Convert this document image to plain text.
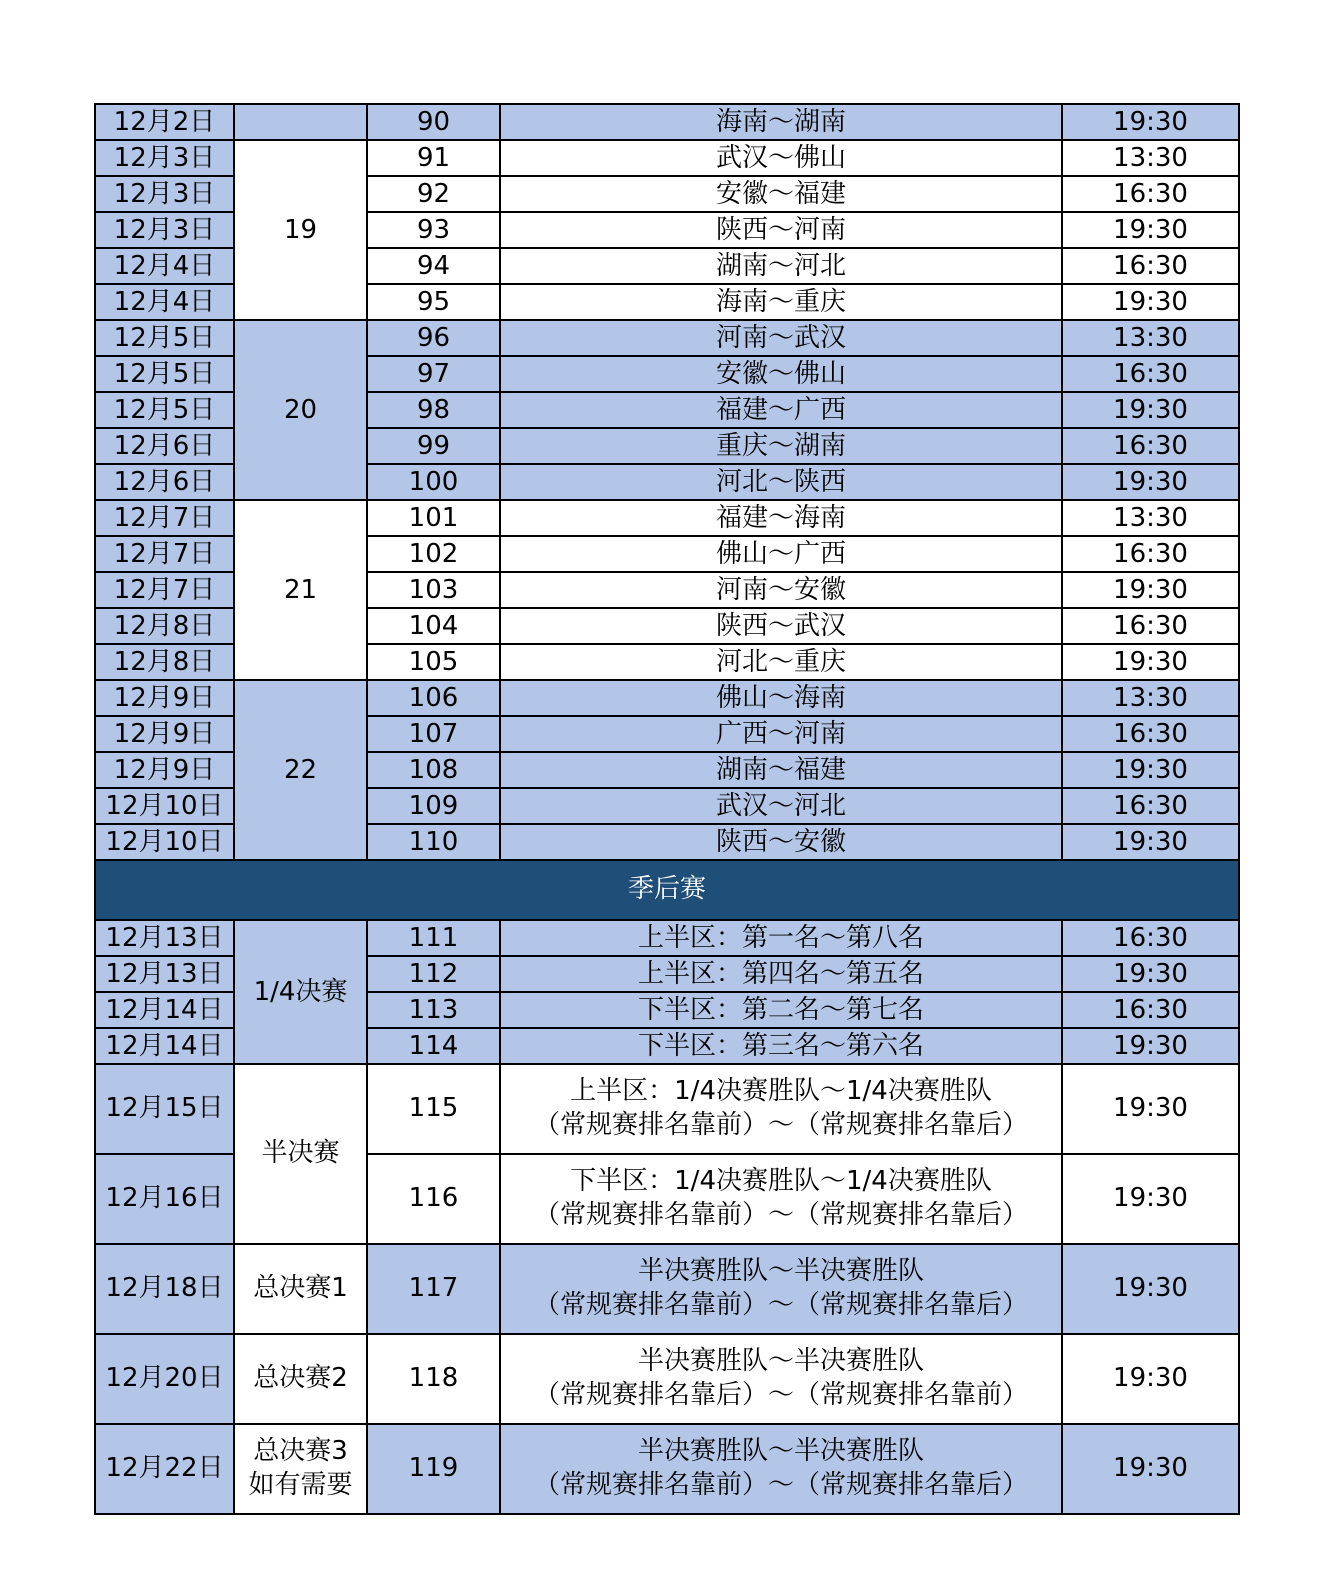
12月2日		90	海南～湖南	19:30
12月3日	19	91	武汉～佛山	13:30
12月3日		92	安徽～福建	16:30
12月3日		93	陕西～河南	19:30
12月4日		94	湖南～河北	16:30
12月4日		95	海南～重庆	19:30
12月5日	20	96	河南～武汉	13:30
12月5日		97	安徽～佛山	16:30
12月5日		98	福建～广西	19:30
12月6日		99	重庆～湖南	16:30
12月6日		100	河北～陕西	19:30
12月7日	21	101	福建～海南	13:30
12月7日		102	佛山～广西	16:30
12月7日		103	河南～安徽	19:30
12月8日		104	陕西～武汉	16:30
12月8日		105	河北～重庆	19:30
12月9日	22	106	佛山～海南	13:30
12月9日		107	广西～河南	16:30
12月9日		108	湖南～福建	19:30
12月10日		109	武汉～河北	16:30
12月10日		110	陕西～安徽	19:30
季后赛				
12月13日	1/4决赛	111	上半区：第一名～第八名	16:30
12月13日		112	上半区：第四名～第五名	19:30
12月14日		113	下半区：第二名～第七名	16:30
12月14日		114	下半区：第三名～第六名	19:30
12月15日	半决赛	115	上半区：1/4决赛胜队～1/4决赛胜队
（常规赛排名靠前）～（常规赛排名靠后）	19:30
12月16日		116	下半区：1/4决赛胜队～1/4决赛胜队
（常规赛排名靠前）～（常规赛排名靠后）	19:30
12月18日	总决赛1	117	半决赛胜队～半决赛胜队
（常规赛排名靠前）～（常规赛排名靠后）	19:30
12月20日	总决赛2	118	半决赛胜队～半决赛胜队
（常规赛排名靠后）～（常规赛排名靠前）	19:30
12月22日	总决赛3
如有需要	119	半决赛胜队～半决赛胜队
（常规赛排名靠前）～（常规赛排名靠后）	19:30
